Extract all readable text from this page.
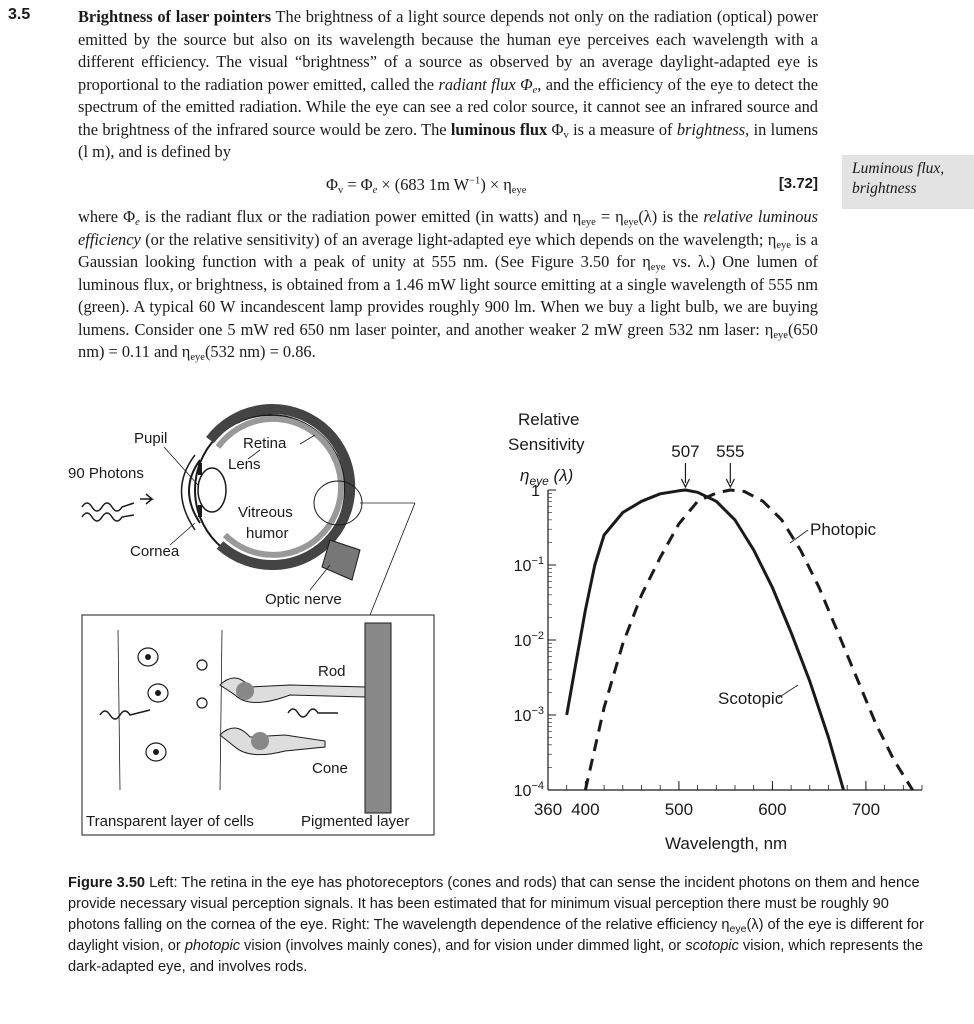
3.5	Brightness of laser pointers The brightness of a light source depends not only on the radiation (optical) power emitted by the source but also on its wavelength because the human eye perceives each wavelength with a different efficiency. The visual “brightness” of a source as observed by an average daylight-adapted eye is proportional to the radiation power emitted, called the radiant flux $\Phi_e$, and the efficiency of the eye to detect the spectrum of the emitted radiation. While the eye can see a red color source, it cannot see an infrared source and the brightness of the infrared source would be zero. The luminous flux $\Phi_v$ is a measure of brightness, in lumens (l m), and is defined by

$\Phi_v = \Phi_e \times (683$ 1m $W^{-1}) \times \eta_{eye}$	[3.72]
Luminous flux, brightness

where $\Phi_e$ is the radiant flux or the radiation power emitted (in watts) and $\eta_{eye} = \eta_{eye}(\lambda)$ is the relative luminous efficiency (or the relative sensitivity) of an average light-adapted eye which depends on the wavelength; $\eta_{eye}$ is a Gaussian looking function with a peak of unity at 555 nm. (See Figure 3.50 for $\eta_{eye}$ vs. λ.) One lumen of luminous flux, or brightness, is obtained from a 1.46 mW light source emitting at a single wavelength of 555 nm (green). A typical 60 W incandescent lamp provides roughly 900 lm. When we buy a light bulb, we are buying lumens. Consider one 5 mW red 650 nm laser pointer, and another weaker 2 mW green 532 nm laser: $\eta_{eye}(650$ nm) = 0.11 and $\eta_{eye}(532$ nm) = 0.86.

Pupil	Retina
Lens
90 Photons
Vitreous
humor
Cornea
Optic nerve
Rod
Cone
Transparent layer of cells	Pigmented layer
Relative
Sensitivity
$\eta_{eye}$ (λ)
360 400	500	600	700
1
$10^{-1}$
$10^{-2}$
$10^{-3}$
$10^{-4}$
507 555
Photopic
Scotopic
Wavelength, nm

Figure 3.50 Left: The retina in the eye has photoreceptors (cones and rods) that can sense the incident photons on them and hence provide necessary visual perception signals. It has been estimated that for minimum visual perception there must be roughly 90 photons falling on the cornea of the eye. Right: The wavelength dependence of the relative efficiency $\eta_{eye}(\lambda)$ of the eye is different for daylight vision, or photopic vision (involves mainly cones), and for vision under dimmed light, or scotopic vision, which represents the dark-adapted eye, and involves rods.
